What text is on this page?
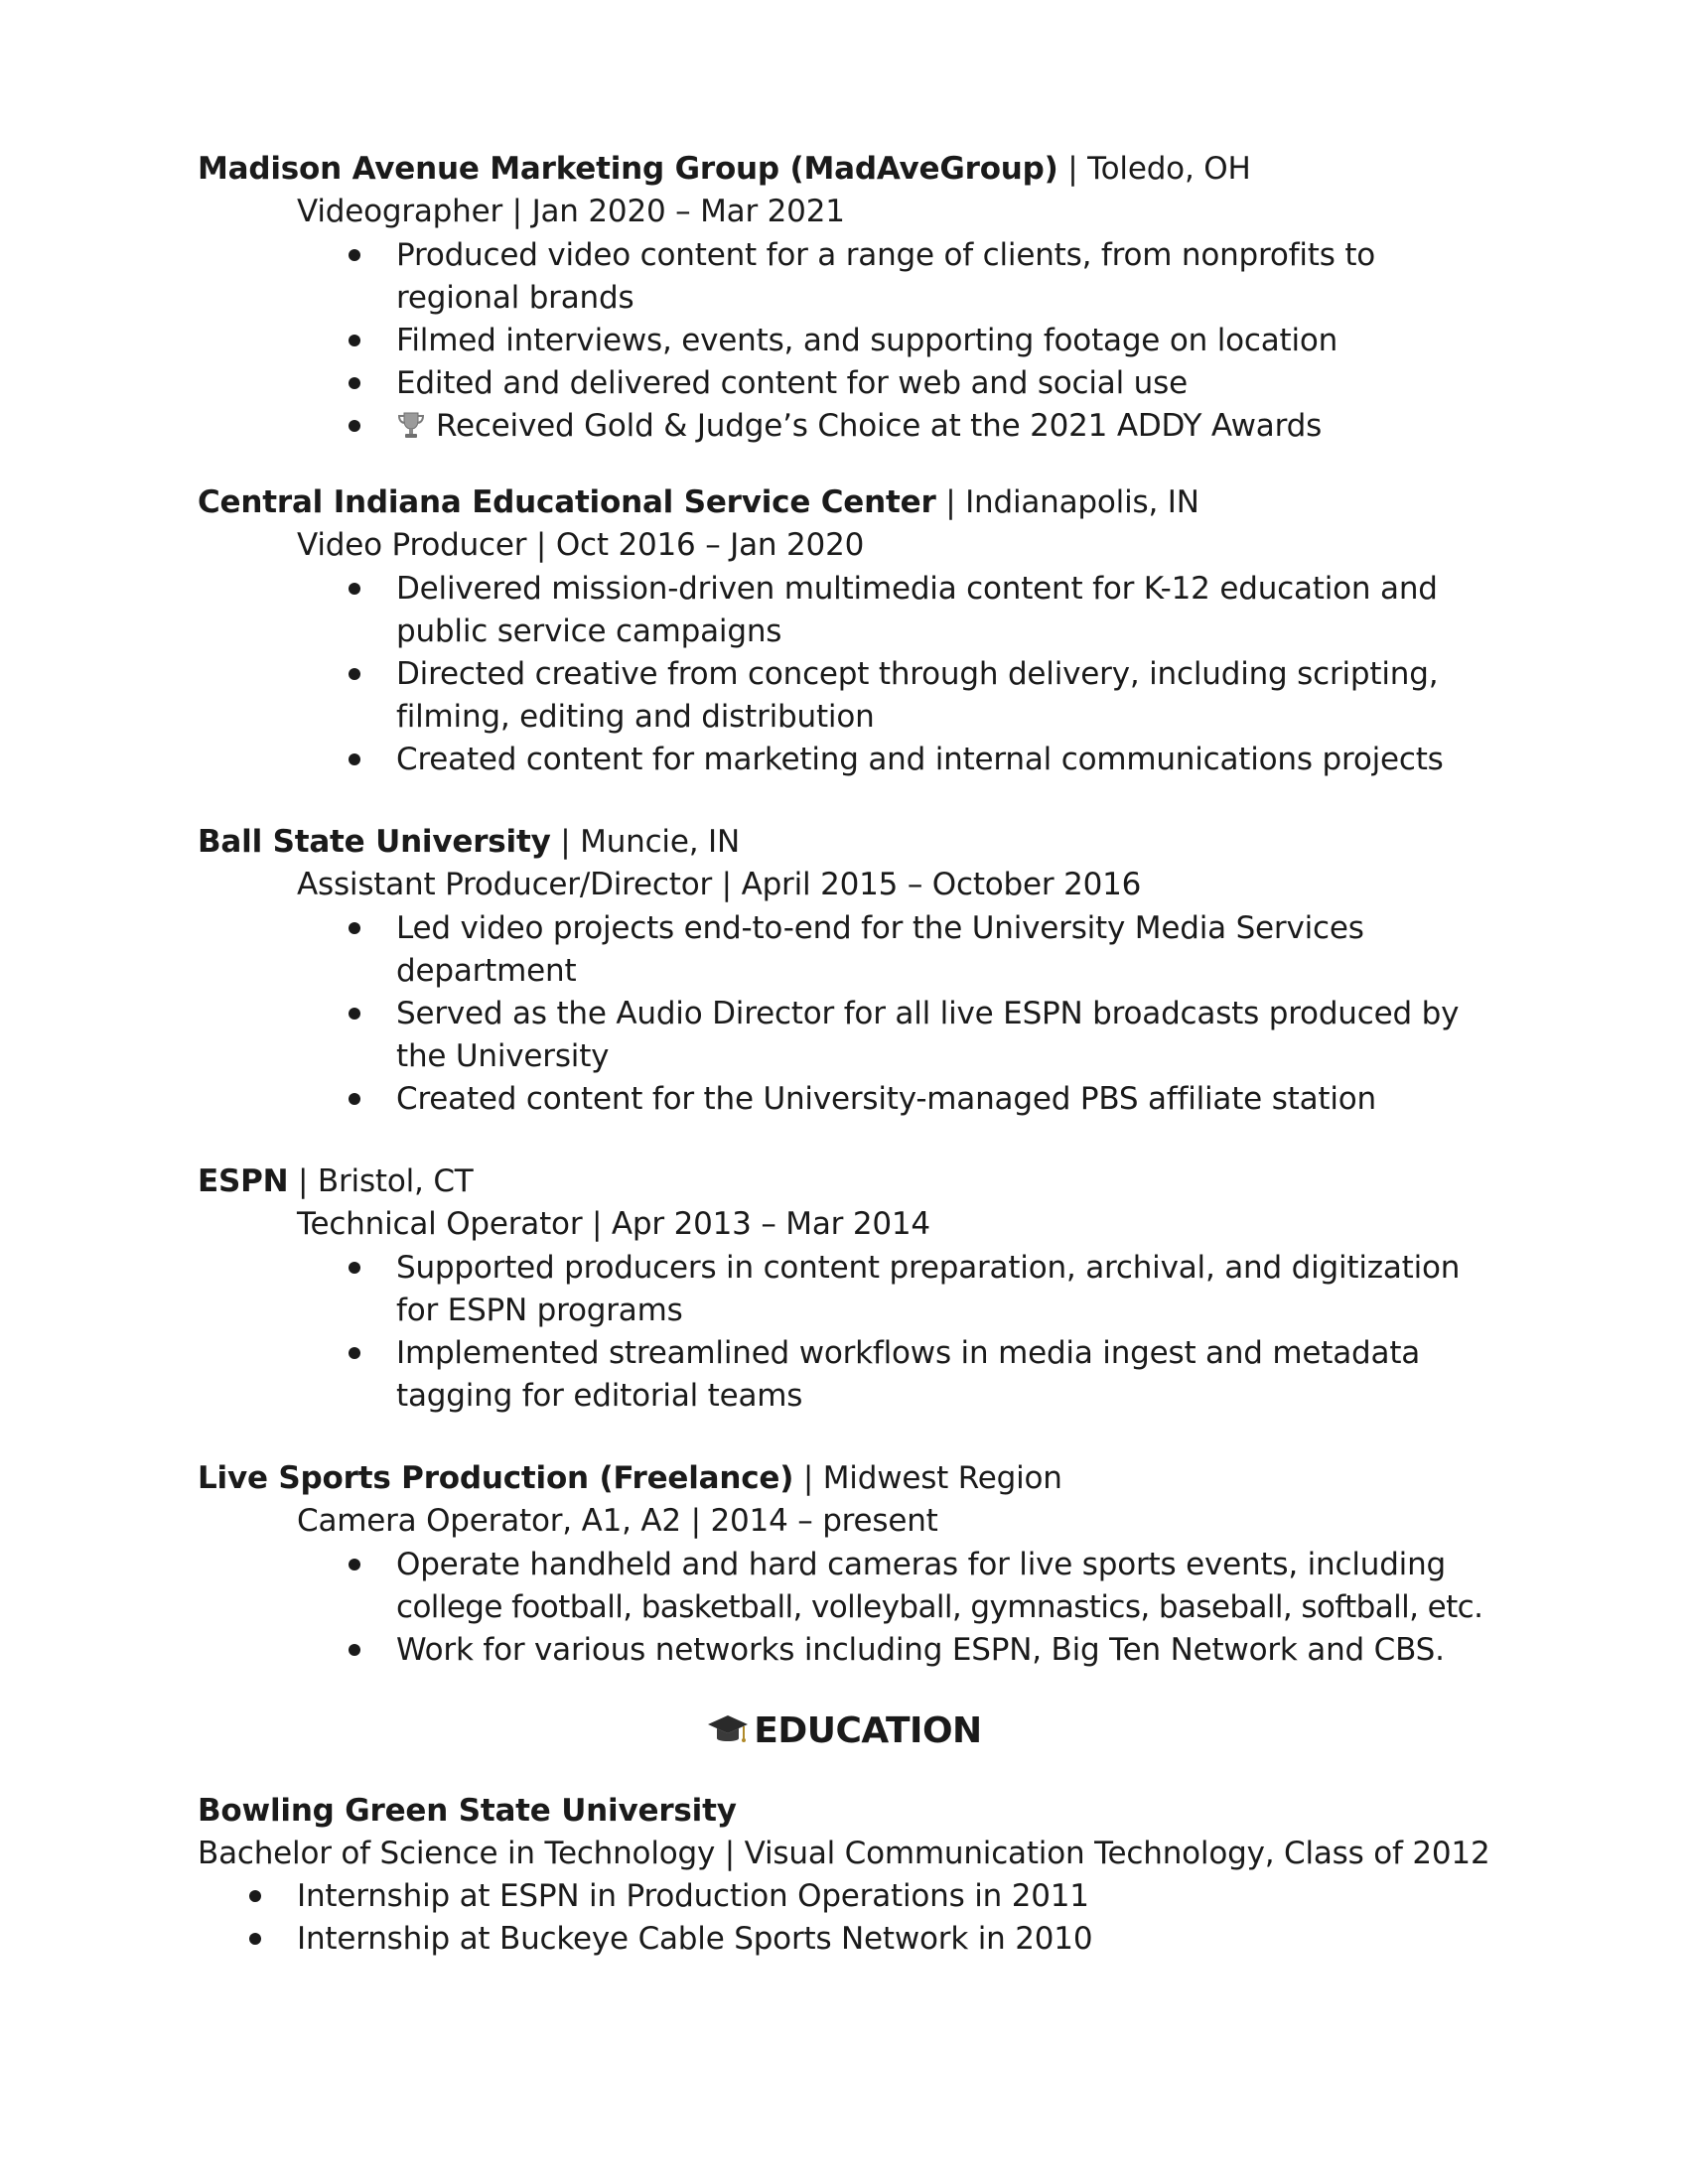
Madison Avenue Marketing Group (MadAveGroup) | Toledo, OH
Videographer | Jan 2020 – Mar 2021
Produced video content for a range of clients, from nonprofits to
regional brands
Filmed interviews, events, and supporting footage on location
Edited and delivered content for web and social use
Received Gold & Judge’s Choice at the 2021 ADDY Awards
Central Indiana Educational Service Center | Indianapolis, IN
Video Producer | Oct 2016 – Jan 2020
Delivered mission-driven multimedia content for K-12 education and
public service campaigns
Directed creative from concept through delivery, including scripting,
filming, editing and distribution
Created content for marketing and internal communications projects
Ball State University | Muncie, IN
Assistant Producer/Director | April 2015 – October 2016
Led video projects end-to-end for the University Media Services
department
Served as the Audio Director for all live ESPN broadcasts produced by
the University
Created content for the University-managed PBS affiliate station
ESPN | Bristol, CT
Technical Operator | Apr 2013 – Mar 2014
Supported producers in content preparation, archival, and digitization
for ESPN programs
Implemented streamlined workflows in media ingest and metadata
tagging for editorial teams
Live Sports Production (Freelance) | Midwest Region
Camera Operator, A1, A2 | 2014 – present
Operate handheld and hard cameras for live sports events, including
college football, basketball, volleyball, gymnastics, baseball, softball, etc.
Work for various networks including ESPN, Big Ten Network and CBS.
EDUCATION
Bowling Green State University
Bachelor of Science in Technology | Visual Communication Technology, Class of 2012
Internship at ESPN in Production Operations in 2011
Internship at Buckeye Cable Sports Network in 2010
